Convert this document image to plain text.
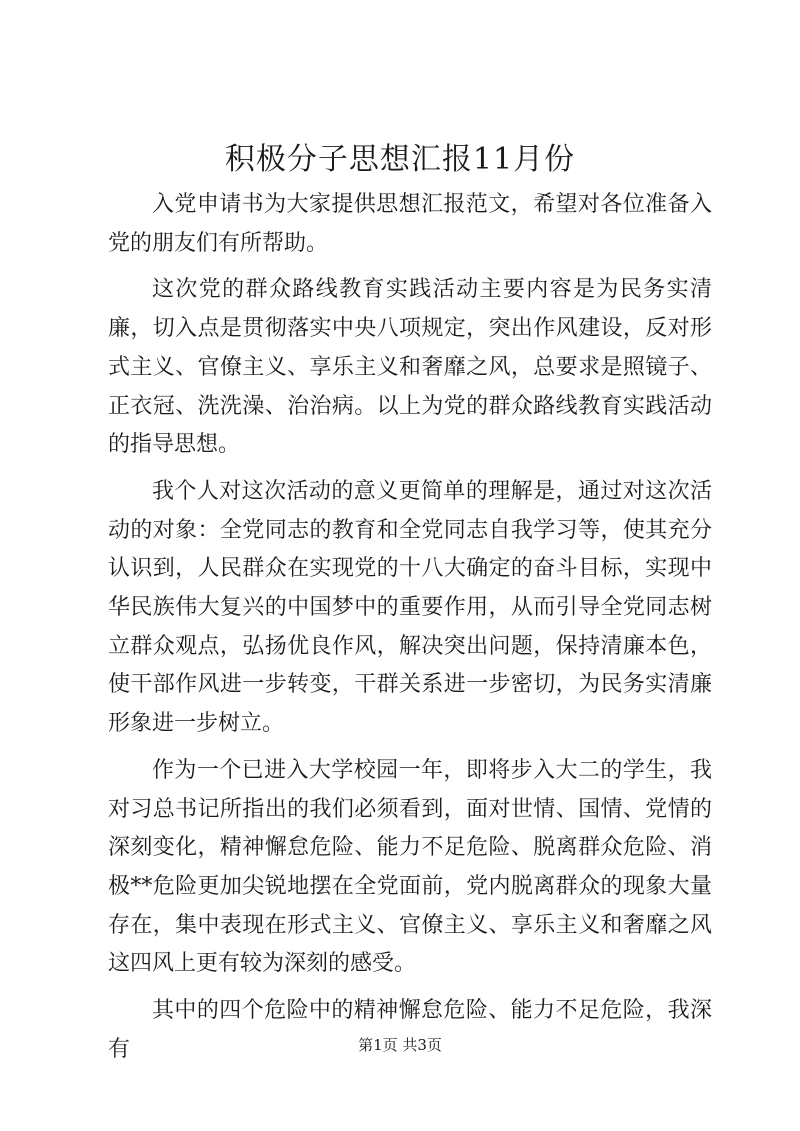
积极分子思想汇报11月份

入党申请书为大家提供思想汇报范文，希望对各位准备入党的朋友们有所帮助。

这次党的群众路线教育实践活动主要内容是为民务实清廉，切入点是贯彻落实中央八项规定，突出作风建设，反对形式主义、官僚主义、享乐主义和奢靡之风，总要求是照镜子、正衣冠、洗洗澡、治治病。以上为党的群众路线教育实践活动的指导思想。

我个人对这次活动的意义更简单的理解是，通过对这次活动的对象：全党同志的教育和全党同志自我学习等，使其充分认识到，人民群众在实现党的十八大确定的奋斗目标，实现中华民族伟大复兴的中国梦中的重要作用，从而引导全党同志树立群众观点，弘扬优良作风，解决突出问题，保持清廉本色，使干部作风进一步转变，干群关系进一步密切，为民务实清廉形象进一步树立。

作为一个已进入大学校园一年，即将步入大二的学生，我对习总书记所指出的我们必须看到，面对世情、国情、党情的深刻变化，精神懈怠危险、能力不足危险、脱离群众危险、消极**危险更加尖锐地摆在全党面前，党内脱离群众的现象大量存在，集中表现在形式主义、官僚主义、享乐主义和奢靡之风这四风上更有较为深刻的感受。

其中的四个危险中的精神懈怠危险、能力不足危险，我深有	第1页 共3页
